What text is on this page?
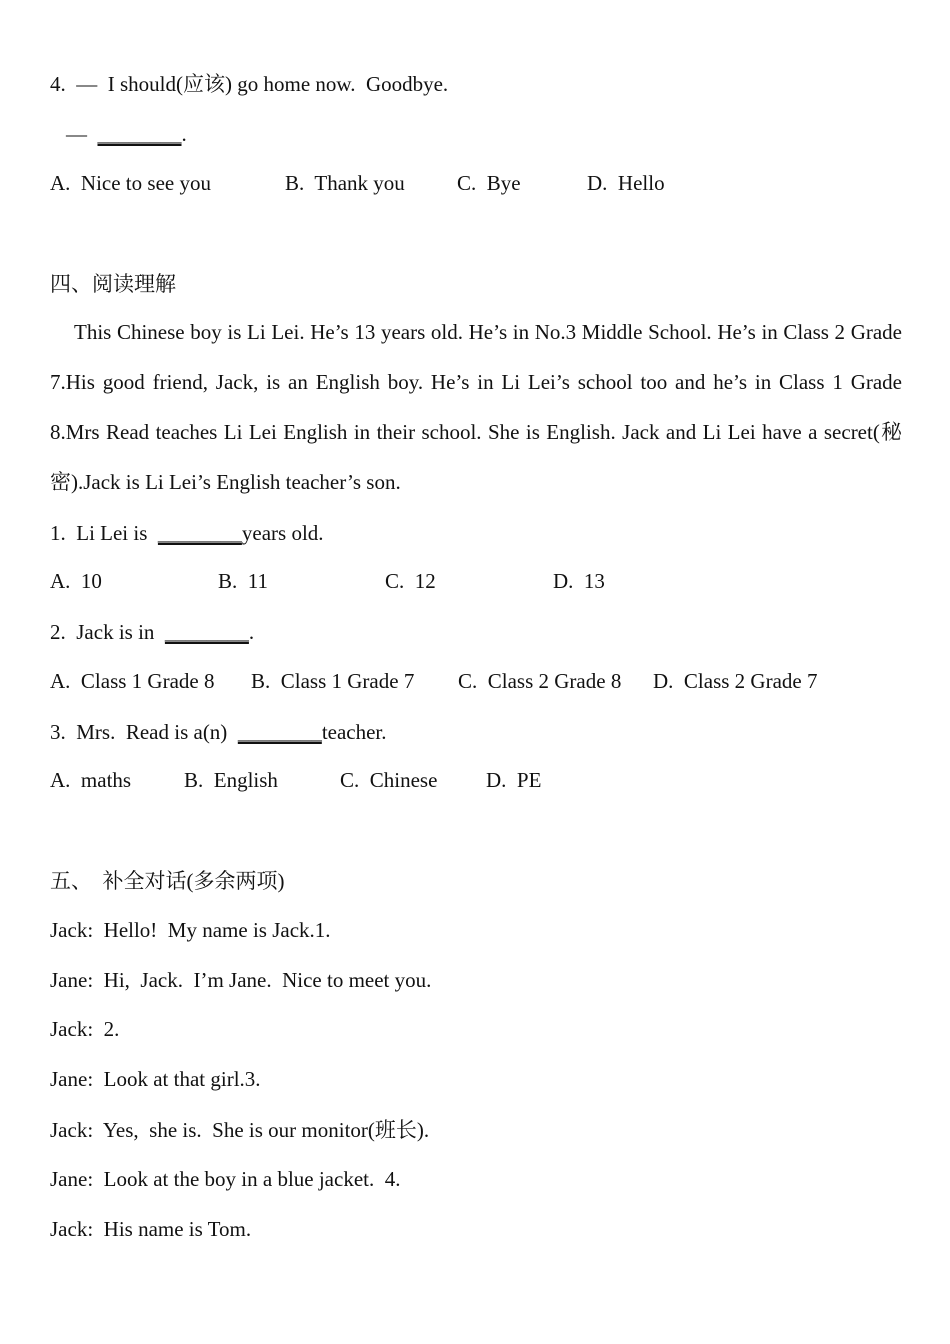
4.  —  I should(应该) go home now.  Goodbye.
— ________.
A.  Nice to see you	B.  Thank you C.  Bye	D.  Hello
四、阅读理解
This Chinese boy is Li Lei. He’s 13 years old. He’s in No.3 Middle School. He’s in Class 2 Grade 7.His good friend, Jack, is an English boy. He’s in Li Lei’s school too and he’s in Class 1 Grade 8.Mrs Read teaches Li Lei English in their school. She is English. Jack and Li Lei have a secret(秘密).Jack is Li Lei’s English teacher’s son.
1.  Li Lei is  ________years old.
A.  10	B.  11	C.  12	D.  13
2.  Jack is in  ________.
A.  Class 1 Grade 8 B.  Class 1 Grade 7 C.  Class 2 Grade 8 D.  Class 2 Grade 7
3.  Mrs.  Read is a(n)  ________teacher.
A.  maths	B.  English	C.  Chinese D.  PE
五、  补全对话(多余两项)
Jack:  Hello!  My name is Jack.1.
Jane:  Hi,  Jack.  I’m Jane.  Nice to meet you.
Jack:  2.
Jane:  Look at that girl.3.
Jack:  Yes,  she is.  She is our monitor(班长).
Jane:  Look at the boy in a blue jacket.  4.
Jack:  His name is Tom.
